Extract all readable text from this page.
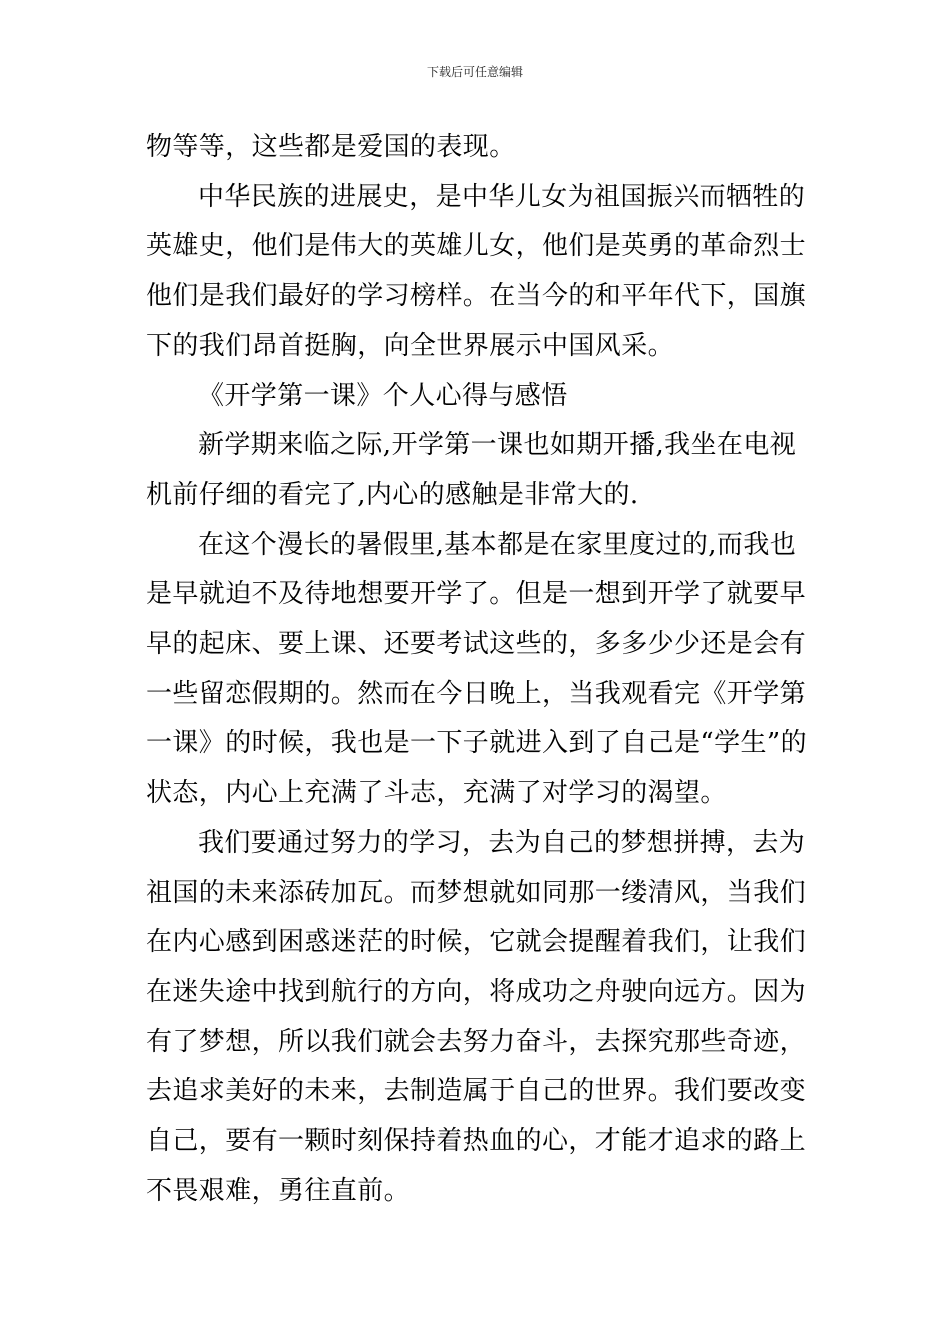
下载后可任意编辑

物等等，这些都是爱国的表现。

中华民族的进展史，是中华儿女为祖国振兴而牺牲的英雄史，他们是伟大的英雄儿女，他们是英勇的革命烈士他们是我们最好的学习榜样。在当今的和平年代下，国旗下的我们昂首挺胸，向全世界展示中国风采。

《开学第一课》个人心得与感悟

新学期来临之际,开学第一课也如期开播,我坐在电视机前仔细的看完了,内心的感触是非常大的.

在这个漫长的暑假里,基本都是在家里度过的,而我也是早就迫不及待地想要开学了。但是一想到开学了就要早早的起床、要上课、还要考试这些的，多多少少还是会有一些留恋假期的。然而在今日晚上，当我观看完《开学第一课》的时候，我也是一下子就进入到了自己是“学生”的状态，内心上充满了斗志，充满了对学习的渴望。

我们要通过努力的学习，去为自己的梦想拼搏，去为祖国的未来添砖加瓦。而梦想就如同那一缕清风，当我们在内心感到困惑迷茫的时候，它就会提醒着我们，让我们在迷失途中找到航行的方向，将成功之舟驶向远方。因为有了梦想，所以我们就会去努力奋斗，去探究那些奇迹，去追求美好的未来，去制造属于自己的世界。我们要改变自己，要有一颗时刻保持着热血的心，才能才追求的路上不畏艰难，勇往直前。
